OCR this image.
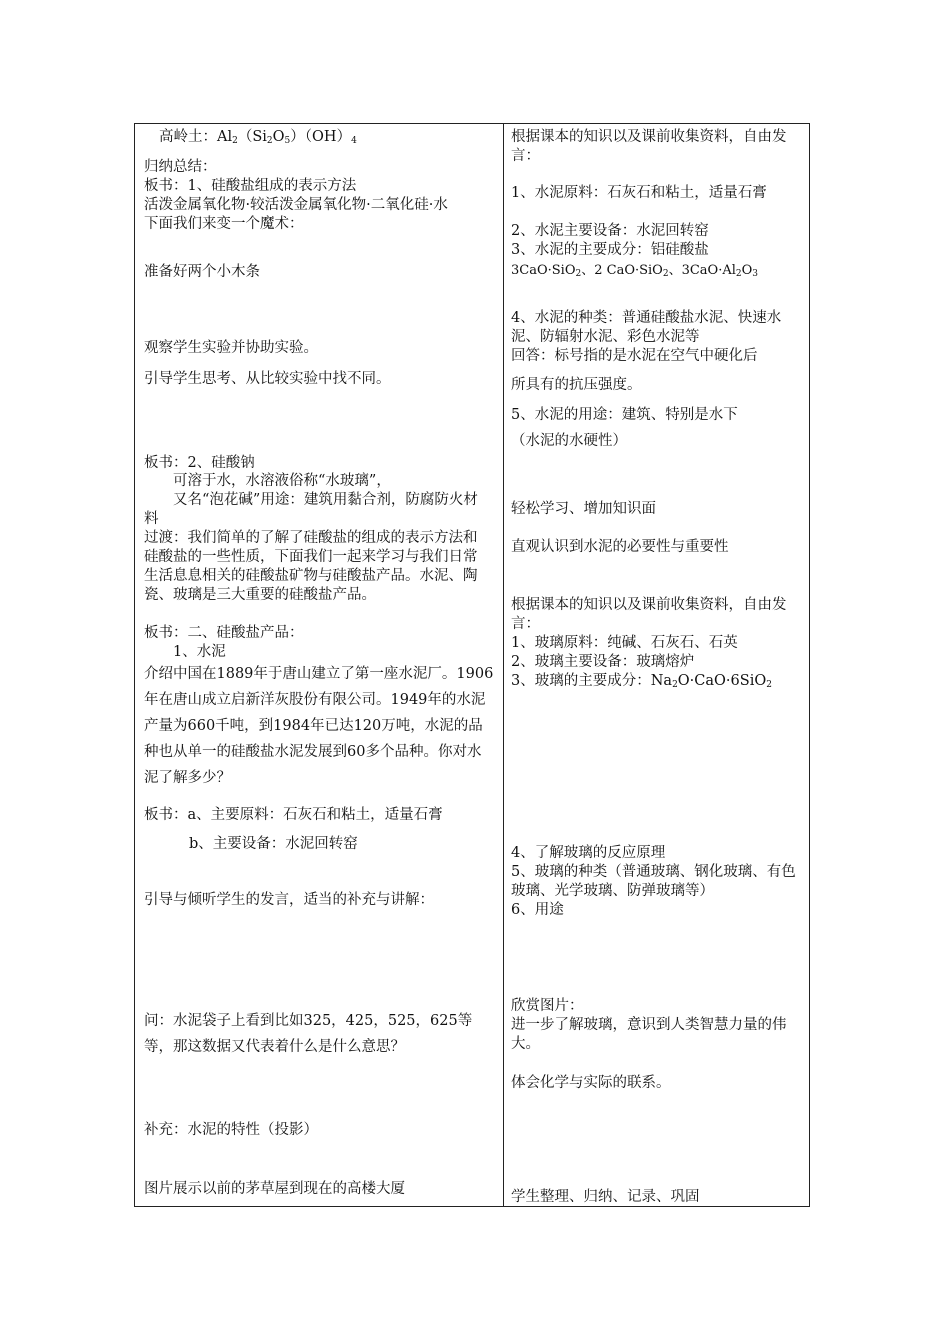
高岭土：$Al_2(Si_2O_5)(OH)_4$

归纳总结：
板书：1、硅酸盐组成的表示方法
活泼金属氧化物·较活泼金属氧化物·二氧化硅·水
下面我们来变一个魔术：

准备好两个小木条

观察学生实验并协助实验。

引导学生思考、从比较实验中找不同。

板书：2、硅酸钠

可溶于水，水溶液俗称“水玻璃”，

又名“泡花碱”用途：建筑用黏合剂，防腐防火材料

过渡：我们简单的了解了硅酸盐的组成的表示方法和硅酸盐的一些性质，下面我们一起来学习与我们日常生活息息相关的硅酸盐矿物与硅酸盐产品。水泥、陶瓷、玻璃是三大重要的硅酸盐产品。

板书：二、硅酸盐产品：

1、水泥

介绍中国在1889年于唐山建立了第一座水泥厂。1906年在唐山成立启新洋灰股份有限公司。1949年的水泥产量为660千吨，到1984年已达120万吨，水泥的品种也从单一的硅酸盐水泥发展到60多个品种。你对水泥了解多少？

板书：a、主要原料：石灰石和粘土，适量石膏

b、主要设备：水泥回转窑

引导与倾听学生的发言，适当的补充与讲解：

问：水泥袋子上看到比如325，425，525，625等等，那这数据又代表着什么是什么意思？

补充：水泥的特性（投影）

图片展示以前的茅草屋到现在的高楼大厦

根据课本的知识以及课前收集资料，自由发言：

1、水泥原料：石灰石和粘土，适量石膏

2、水泥主要设备：水泥回转窑

3、水泥的主要成分：铝硅酸盐

3CaO·SiO$_2$、2 CaO·SiO$_2$、$3CaO\cdot Al_2O_3$

4、水泥的种类：普通硅酸盐水泥、快速水泥、防辐射水泥、彩色水泥等
回答：标号指的是水泥在空气中硬化后

所具有的抗压强度。

5、水泥的用途：建筑、特别是水下

（水泥的水硬性）

轻松学习、增加知识面

直观认识到水泥的必要性与重要性

根据课本的知识以及课前收集资料，自由发言：

1、玻璃原料：纯碱、石灰石、石英
2、玻璃主要设备：玻璃熔炉

3、玻璃的主要成分：$Na_2O\cdot CaO\cdot 6SiO_2$

4、了解玻璃的反应原理
5、玻璃的种类（普通玻璃、钢化玻璃、有色玻璃、光学玻璃、防弹玻璃等）
6、用途

欣赏图片：
进一步了解玻璃，意识到人类智慧力量的伟大。

体会化学与实际的联系。

学生整理、归纳、记录、巩固
